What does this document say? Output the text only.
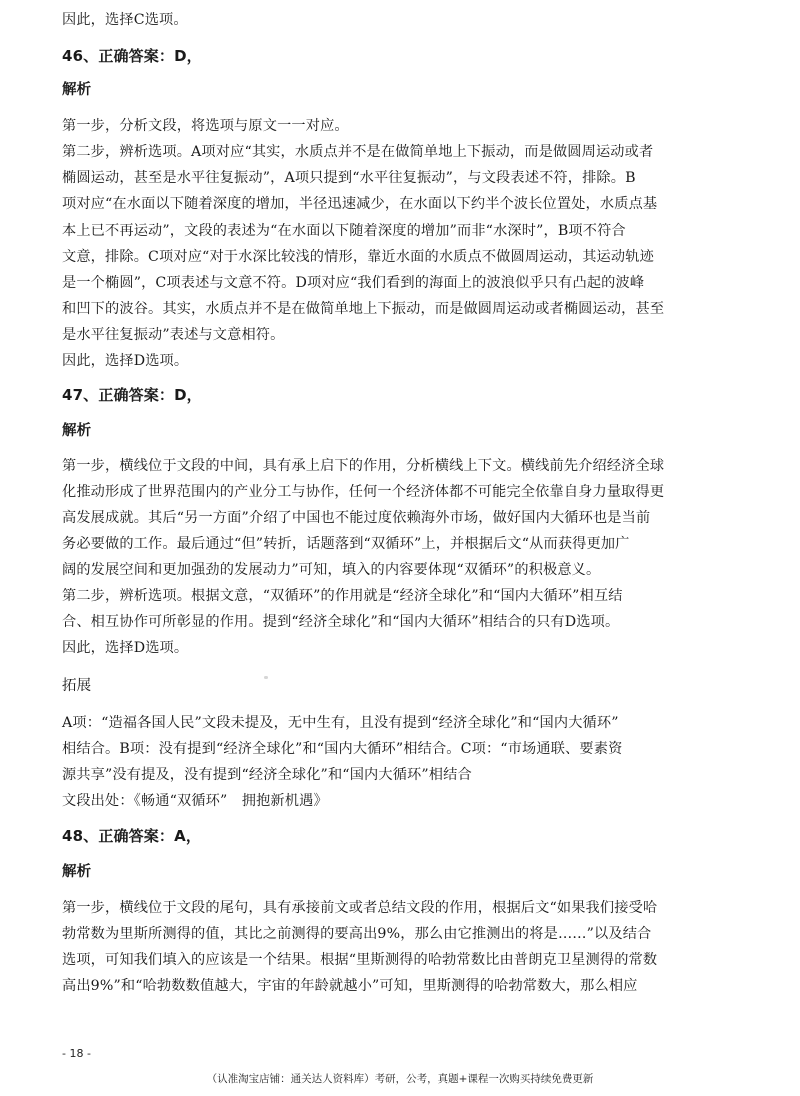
因此，选择C选项。
46、正确答案：D，
解析
第一步，分析文段，将选项与原文一一对应。
第二步，辨析选项。A项对应“其实，水质点并不是在做简单地上下振动，而是做圆周运动或者
椭圆运动，甚至是水平往复振动”，A项只提到“水平往复振动”，与文段表述不符，排除。B
项对应“在水面以下随着深度的增加，半径迅速减少，在水面以下约半个波长位置处，水质点基
本上已不再运动”，文段的表述为“在水面以下随着深度的增加”而非“水深时”，B项不符合
文意，排除。C项对应“对于水深比较浅的情形，靠近水面的水质点不做圆周运动，其运动轨迹
是一个椭圆”，C项表述与文意不符。D项对应“我们看到的海面上的波浪似乎只有凸起的波峰
和凹下的波谷。其实，水质点并不是在做简单地上下振动，而是做圆周运动或者椭圆运动，甚至
是水平往复振动”表述与文意相符。
因此，选择D选项。
47、正确答案：D，
解析
第一步，横线位于文段的中间，具有承上启下的作用，分析横线上下文。横线前先介绍经济全球
化推动形成了世界范围内的产业分工与协作，任何一个经济体都不可能完全依靠自身力量取得更
高发展成就。其后“另一方面”介绍了中国也不能过度依赖海外市场，做好国内大循环也是当前
务必要做的工作。最后通过“但”转折，话题落到“双循环”上，并根据后文“从而获得更加广
阔的发展空间和更加强劲的发展动力”可知，填入的内容要体现“双循环”的积极意义。
第二步，辨析选项。根据文意，“双循环”的作用就是“经济全球化”和“国内大循环”相互结
合、相互协作可所彰显的作用。提到“经济全球化”和“国内大循环”相结合的只有D选项。
因此，选择D选项。
拓展
A项：“造福各国人民”文段未提及，无中生有，且没有提到“经济全球化”和“国内大循环”
相结合。B项：没有提到“经济全球化”和“国内大循环”相结合。C项：“市场通联、要素资
源共享”没有提及，没有提到“经济全球化”和“国内大循环”相结合
文段出处：《畅通“双循环”　拥抱新机遇》
48、正确答案：A，
解析
第一步，横线位于文段的尾句，具有承接前文或者总结文段的作用，根据后文“如果我们接受哈
勃常数为里斯所测得的值，其比之前测得的要高出9%，那么由它推测出的将是……”以及结合
选项，可知我们填入的应该是一个结果。根据“里斯测得的哈勃常数比由普朗克卫星测得的常数
高出9%”和“哈勃数数值越大，宇宙的年龄就越小”可知，里斯测得的哈勃常数大，那么相应
- 18 -
（认准淘宝店铺：通关达人资料库）考研，公考，真题+课程一次购买持续免费更新
